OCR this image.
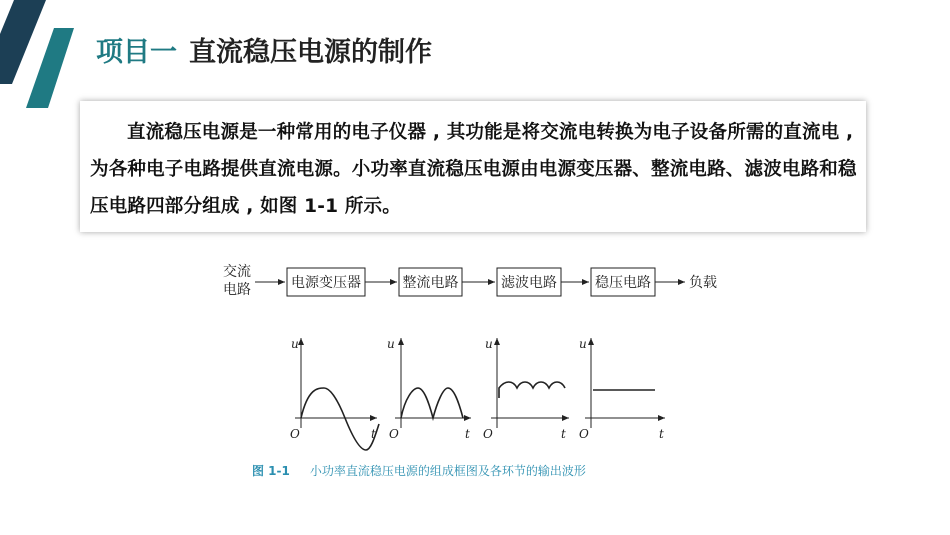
项目一 直流稳压电源的制作

直流稳压电源是一种常用的电子仪器 , 其功能是将交流电转换为电子设备所需的直流电 , 为各种电子电路提供直流电源。小功率直流稳压电源由电源变压器、整流电路、滤波电路和稳压电路四部分组成 , 如图 1-1 所示。

交流
电路	电源变压器	整流电路	滤波电路	稳压电路	负载
u
O	t
u
O	t
u
O	t
u
O	t
图 1-1 小功率直流稳压电源的组成框图及各环节的输出波形
